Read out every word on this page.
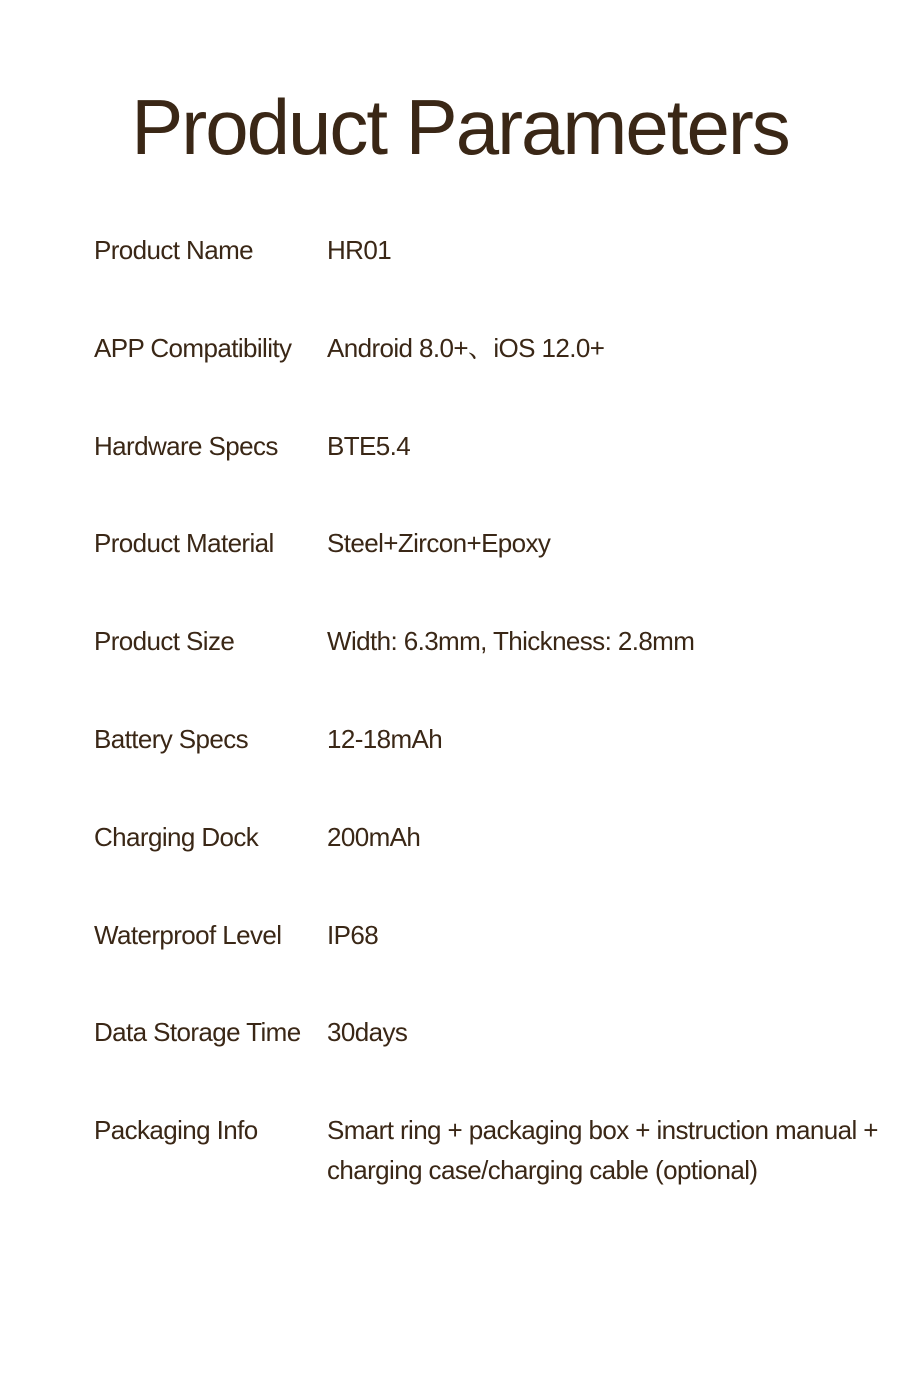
Product Parameters
Product Name	HR01
APP Compatibility	Android 8.0+、iOS 12.0+
Hardware Specs	BTE5.4
Product Material	Steel+Zircon+Epoxy
Product Size	Width: 6.3mm, Thickness: 2.8mm
Battery Specs	12-18mAh
Charging Dock	200mAh
Waterproof Level	IP68
Data Storage Time	30days
Packaging Info	Smart ring + packaging box + instruction manual + charging case/charging cable (optional)
